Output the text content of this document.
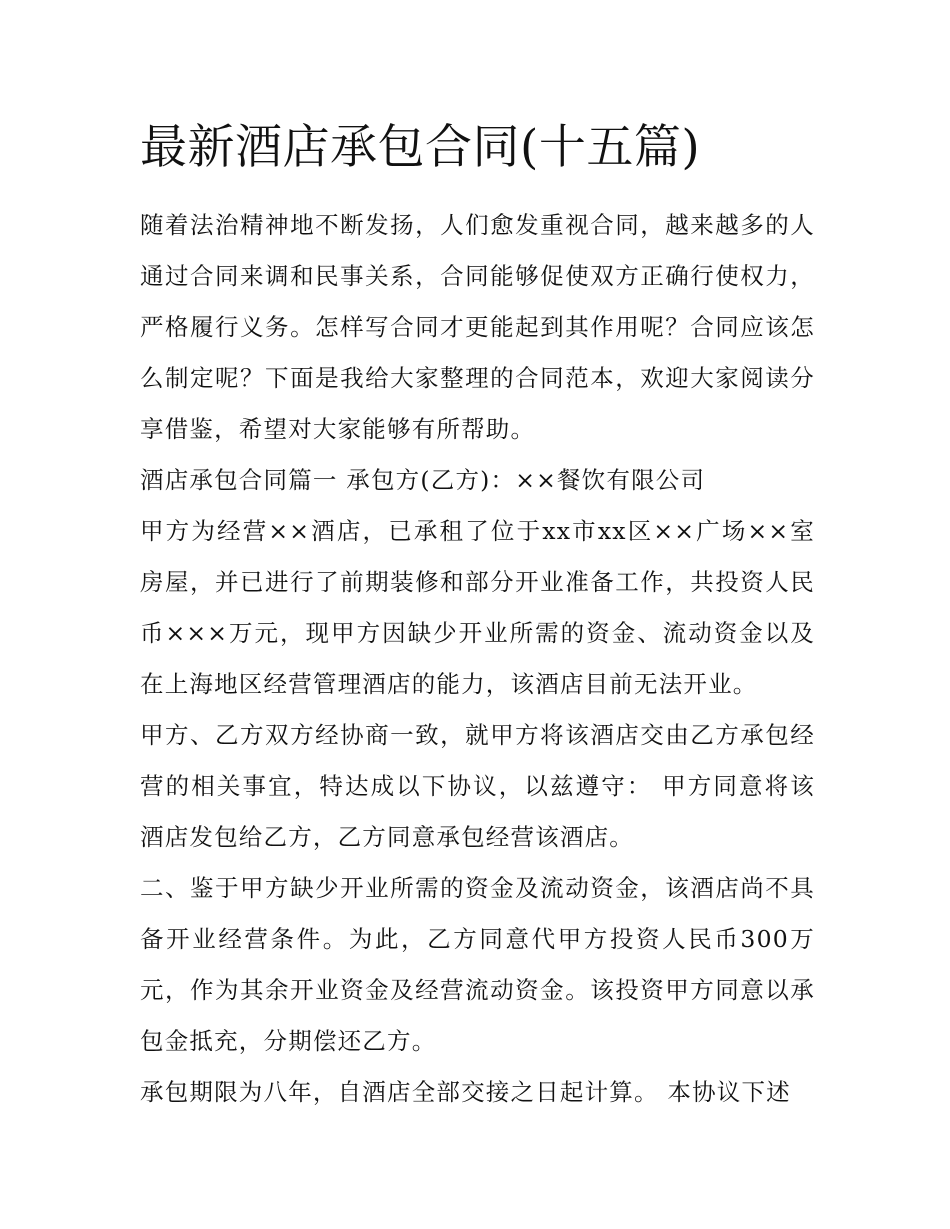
最新酒店承包合同(十五篇)

随着法治精神地不断发扬，人们愈发重视合同，越来越多的人通过合同来调和民事关系，合同能够促使双方正确行使权力，严格履行义务。怎样写合同才更能起到其作用呢？合同应该怎么制定呢？下面是我给大家整理的合同范本，欢迎大家阅读分享借鉴，希望对大家能够有所帮助。

酒店承包合同篇一 承包方(乙方)：××餐饮有限公司

甲方为经营××酒店，已承租了位于xx市xx区××广场××室房屋，并已进行了前期装修和部分开业准备工作，共投资人民币×××万元，现甲方因缺少开业所需的资金、流动资金以及在上海地区经营管理酒店的能力，该酒店目前无法开业。

甲方、乙方双方经协商一致，就甲方将该酒店交由乙方承包经营的相关事宜，特达成以下协议，以兹遵守： 甲方同意将该酒店发包给乙方，乙方同意承包经营该酒店。

二、鉴于甲方缺少开业所需的资金及流动资金，该酒店尚不具备开业经营条件。为此，乙方同意代甲方投资人民币300万元，作为其余开业资金及经营流动资金。该投资甲方同意以承包金抵充，分期偿还乙方。

承包期限为八年，自酒店全部交接之日起计算。 本协议下述
